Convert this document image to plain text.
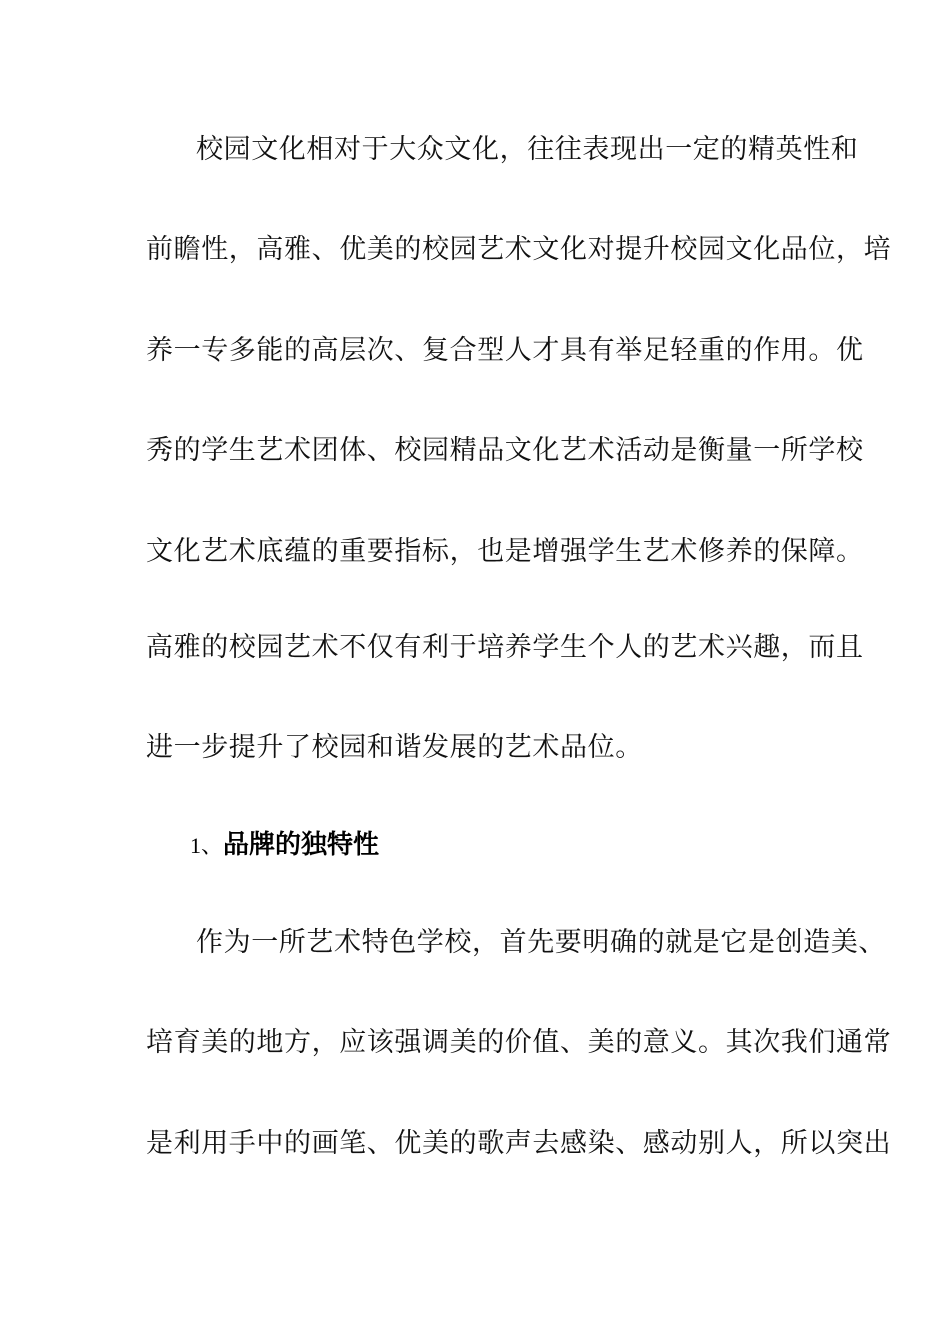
校园文化相对于大众文化，往往表现出一定的精英性和
前瞻性，高雅、优美的校园艺术文化对提升校园文化品位，培
养一专多能的高层次、复合型人才具有举足轻重的作用。优
秀的学生艺术团体、校园精品文化艺术活动是衡量一所学校
文化艺术底蕴的重要指标，也是增强学生艺术修养的保障。
高雅的校园艺术不仅有利于培养学生个人的艺术兴趣，而且
进一步提升了校园和谐发展的艺术品位。
1、品牌的独特性
作为一所艺术特色学校，首先要明确的就是它是创造美、
培育美的地方，应该强调美的价值、美的意义。其次我们通常
是利用手中的画笔、优美的歌声去感染、感动别人，所以突出
